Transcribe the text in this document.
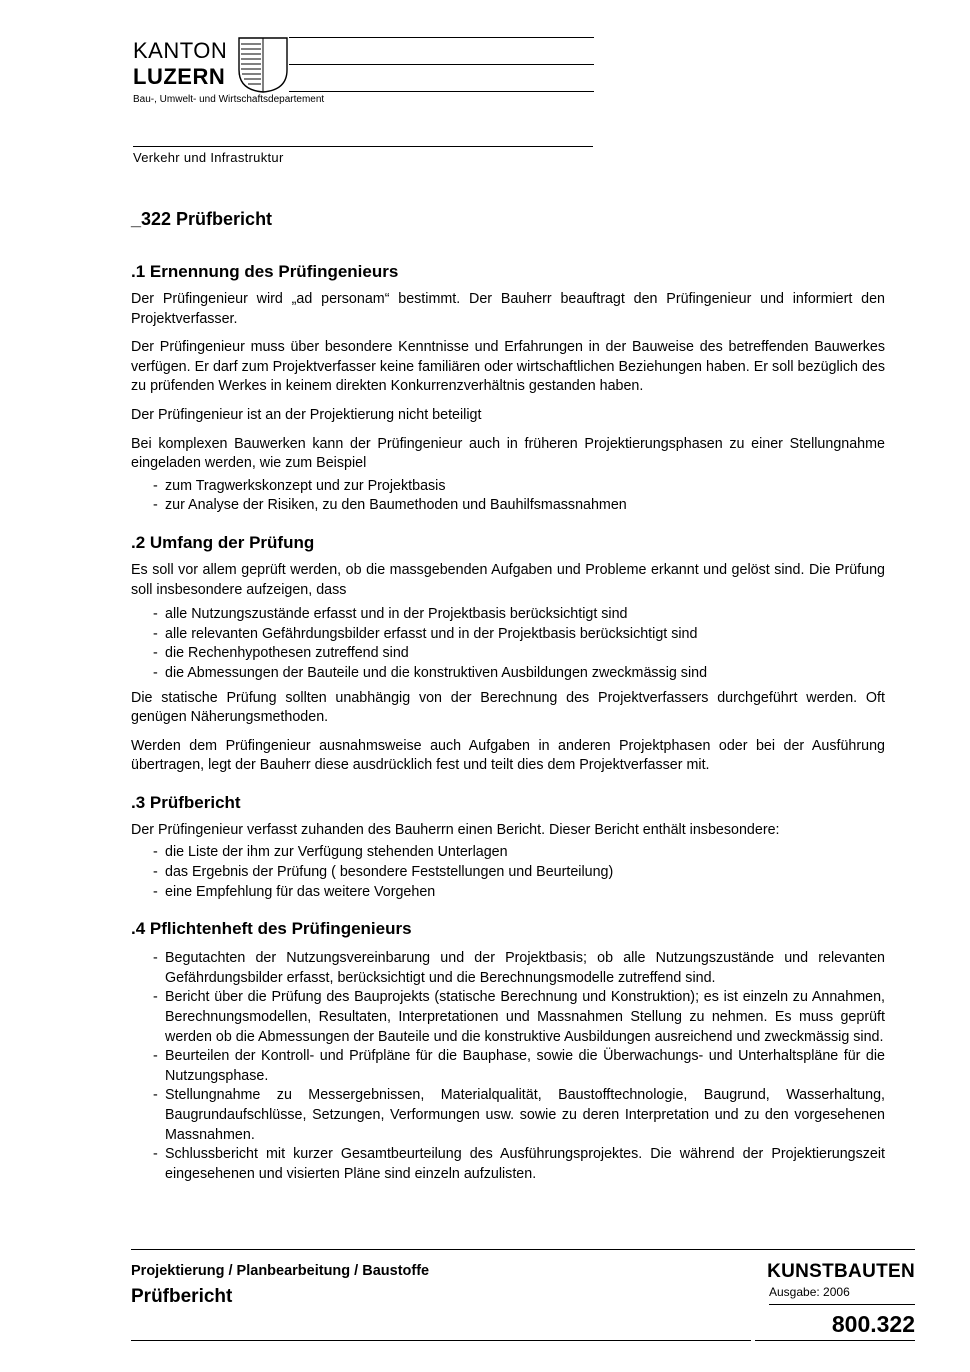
KANTON
LUZERN
Bau-, Umwelt- und Wirtschaftsdepartement
Verkehr und Infrastruktur
_322 Prüfbericht
.1 Ernennung des Prüfingenieurs

Der Prüfingenieur wird „ad personam“ bestimmt. Der Bauherr beauftragt den Prüfingenieur und informiert den Projektverfasser.

Der Prüfingenieur muss über besondere Kenntnisse und Erfahrungen in der Bauweise des betreffenden Bauwerkes verfügen. Er darf zum Projektverfasser keine familiären oder wirtschaftlichen Beziehungen haben. Er soll bezüglich des zu prüfenden Werkes in keinem direkten Konkurrenzverhältnis gestanden haben.

Der Prüfingenieur ist an der Projektierung nicht beteiligt

Bei komplexen Bauwerken kann der Prüfingenieur auch in früheren Projektierungsphasen zu einer Stellungnahme eingeladen werden, wie zum Beispiel

- zum Tragwerkskonzept und zur Projektbasis
- zur Analyse der Risiken, zu den Baumethoden und Bauhilfsmassnahmen
.2 Umfang der Prüfung

Es soll vor allem geprüft werden, ob die massgebenden Aufgaben und Probleme erkannt und gelöst sind. Die Prüfung soll insbesondere aufzeigen, dass

- alle Nutzungszustände erfasst und in der Projektbasis berücksichtigt sind
- alle relevanten Gefährdungsbilder erfasst und in der Projektbasis berücksichtigt sind
- die Rechenhypothesen zutreffend sind
- die Abmessungen der Bauteile und die konstruktiven Ausbildungen zweckmässig sind

Die statische Prüfung sollten unabhängig von der Berechnung des Projektverfassers durchgeführt werden. Oft genügen Näherungsmethoden.

Werden dem Prüfingenieur ausnahmsweise auch Aufgaben in anderen Projektphasen oder bei der Ausführung übertragen, legt der Bauherr diese ausdrücklich fest und teilt dies dem Projektverfasser mit.

.3 Prüfbericht

Der Prüfingenieur verfasst zuhanden des Bauherrn einen Bericht. Dieser Bericht enthält insbesondere:

- die Liste der ihm zur Verfügung stehenden Unterlagen
- das Ergebnis der Prüfung ( besondere Feststellungen und Beurteilung)
- eine Empfehlung für das weitere Vorgehen
.4 Pflichtenheft des Prüfingenieurs
- Begutachten der Nutzungsvereinbarung und der Projektbasis; ob alle Nutzungszustände und relevanten Gefährdungsbilder erfasst, berücksichtigt und die Berechnungsmodelle zutreffend sind.
- Bericht über die Prüfung des Bauprojekts (statische Berechnung und Konstruktion); es ist einzeln zu Annahmen, Berechnungsmodellen, Resultaten, Interpretationen und Massnahmen Stellung zu nehmen. Es muss geprüft werden ob die Abmessungen der Bauteile und die konstruktive Ausbildungen ausreichend und zweckmässig sind.
- Beurteilen der Kontroll- und Prüfpläne für die Bauphase, sowie die Überwachungs- und Unterhaltspläne für die Nutzungsphase.
- Stellungnahme zu Messergebnissen, Materialqualität, Baustofftechnologie, Baugrund, Wasserhaltung, Baugrundaufschlüsse, Setzungen, Verformungen usw. sowie zu deren Interpretation und zu den vorgesehenen Massnahmen.
- Schlussbericht mit kurzer Gesamtbeurteilung des Ausführungsprojektes. Die während der Projektierungszeit eingesehenen und visierten Pläne sind einzeln aufzulisten.
Projektierung / Planbearbeitung / Baustoffe
Prüfbericht
KUNSTBAUTEN
Ausgabe: 2006
800.322
